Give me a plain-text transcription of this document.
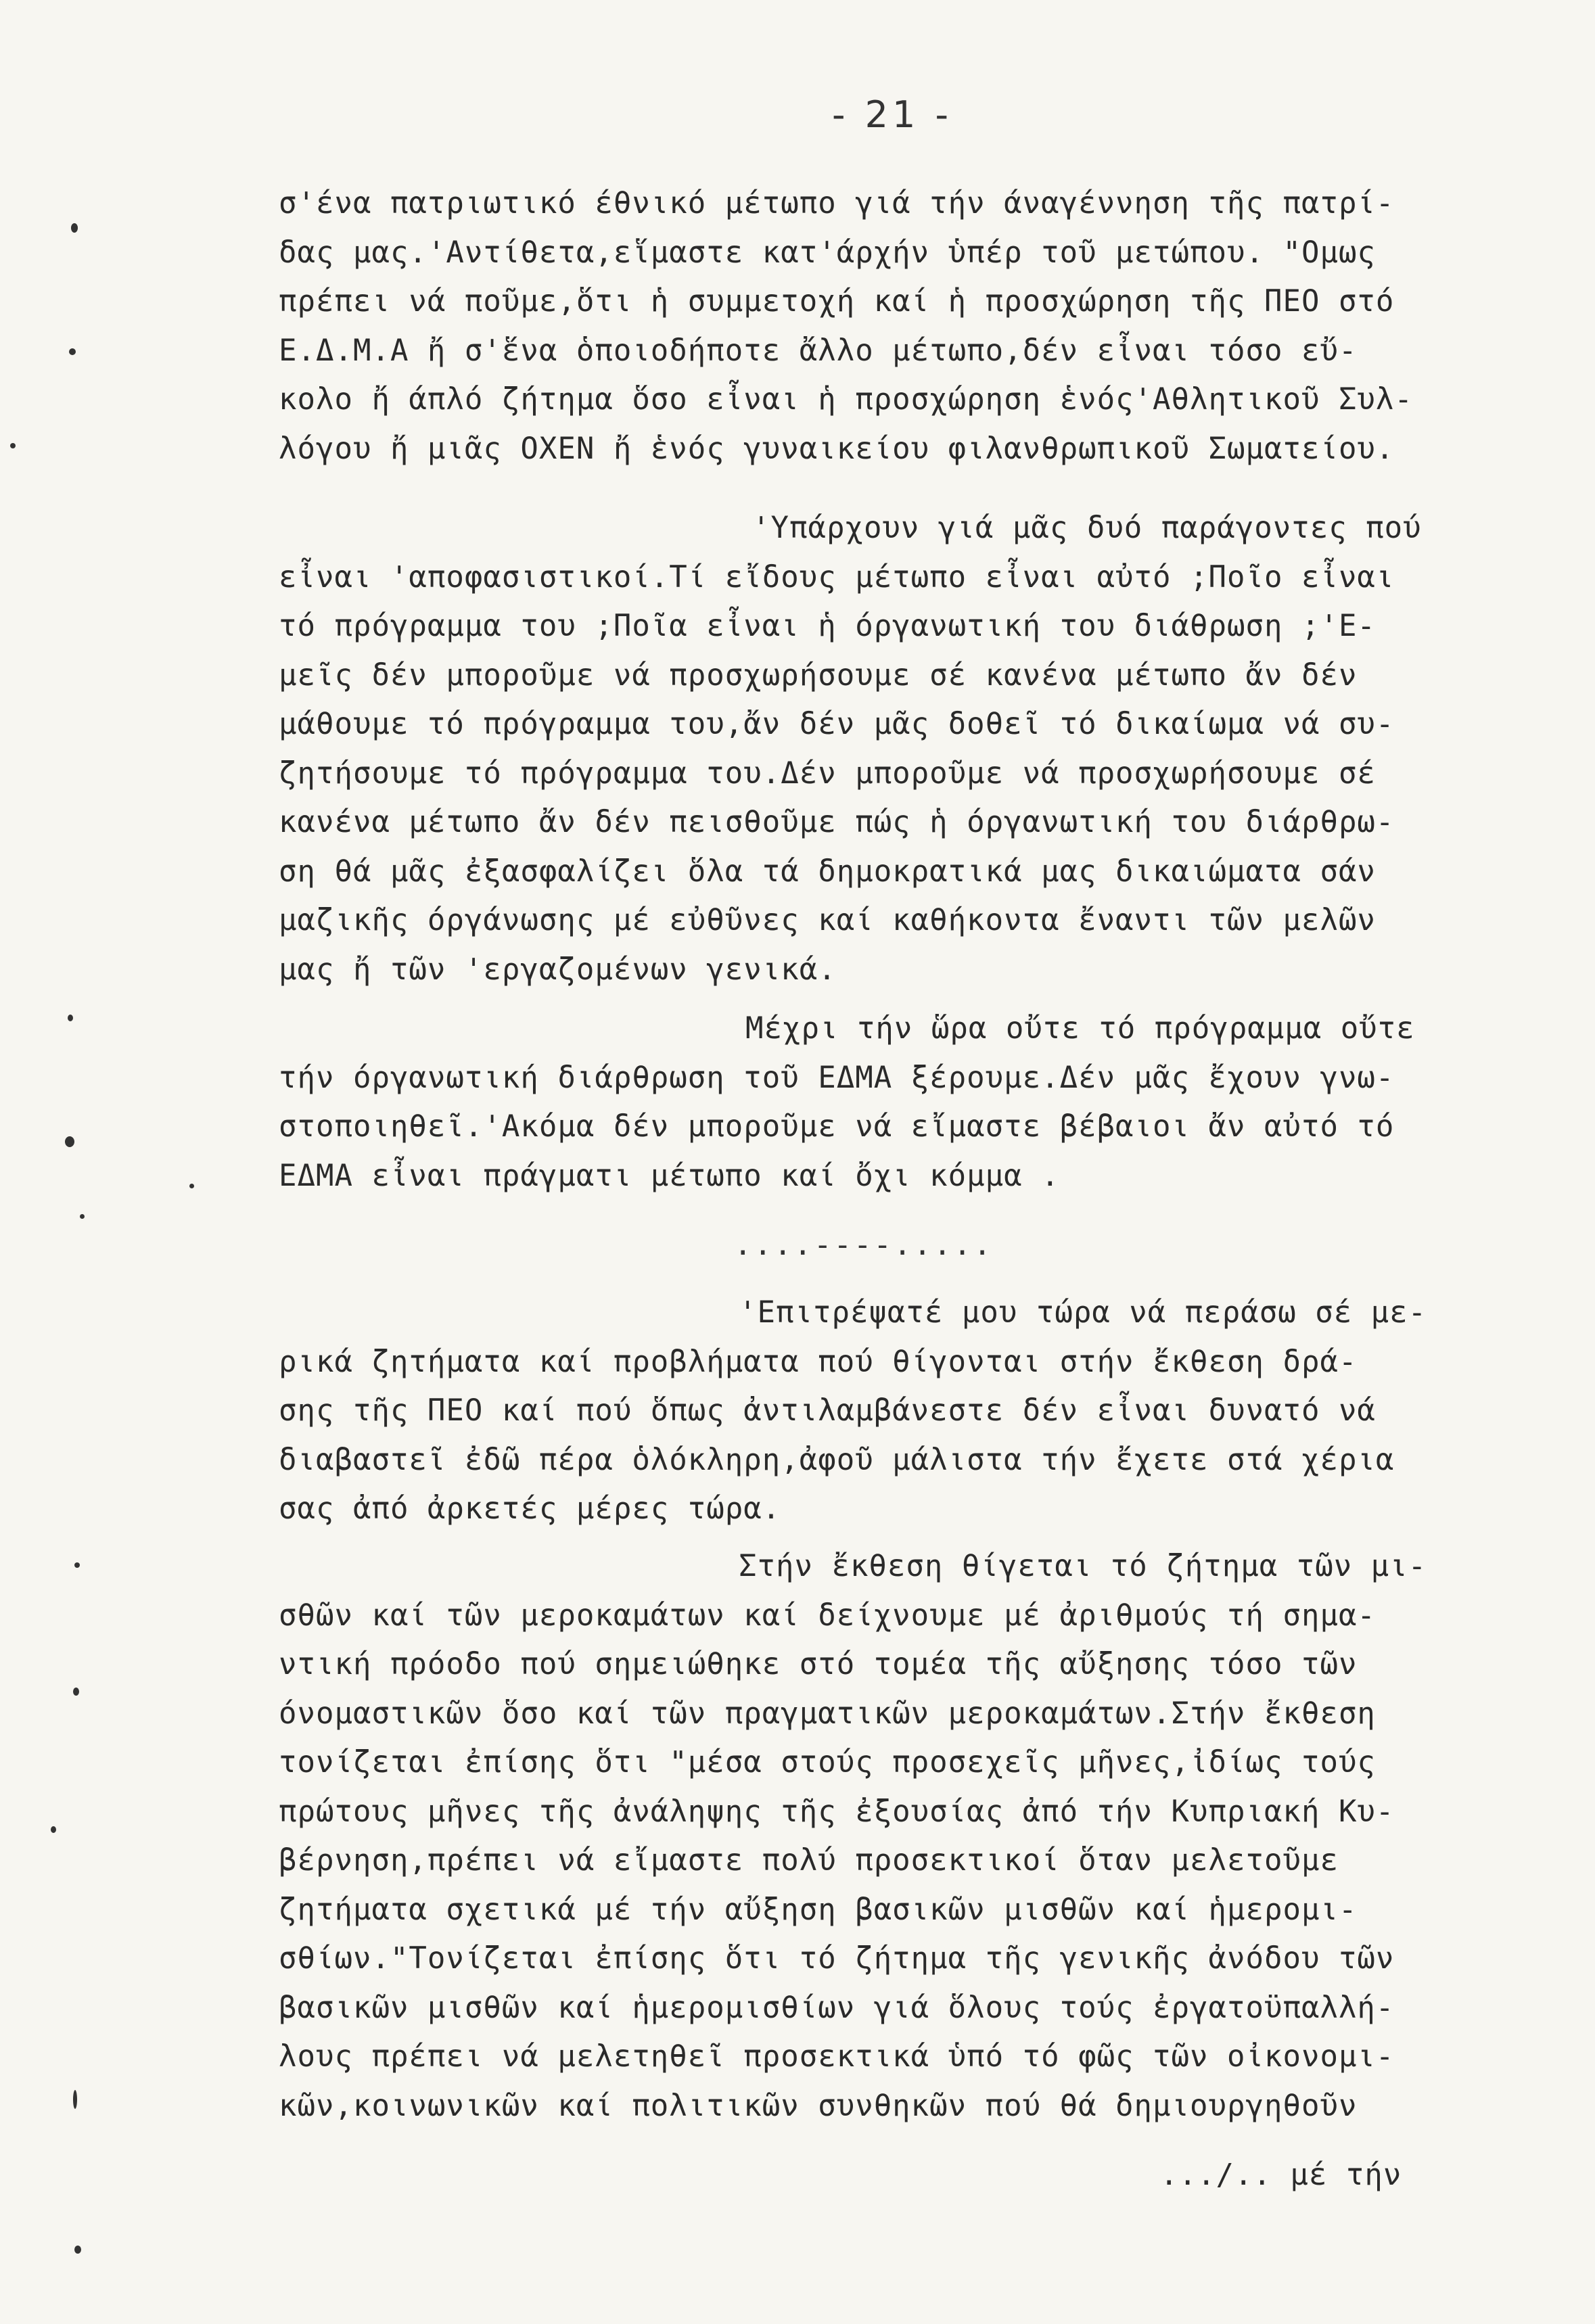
- 21 -
σ'ένα πατριωτικό έθνικό μέτωπο γιά τήν άναγέννηση τῆς πατρί-
δας μας.'Αντίθετα,εἵμαστε κατ'άρχήν ὑπέρ τοῦ μετώπου. "Ομως
πρέπει νά ποῦμε,ὅτι ἡ συμμετοχή καί ἡ προσχώρηση τῆς ΠΕΟ στό
Ε.Δ.Μ.Α ἤ σ'ἕνα ὁποιοδήποτε ἄλλο μέτωπο,δέν εἶναι τόσο εὔ-
κολο ἤ άπλό ζήτημα ὅσο εἶναι ἡ προσχώρηση ἑνός'Αθλητικοῦ Συλ-
λόγου ἤ μιᾶς ΟΧΕΝ ἤ ἑνός γυναικείου φιλανθρωπικοῦ Σωματείου.
'Υπάρχουν γιά μᾶς δυό παράγοντες πού
εἶναι 'αποφασιστικοί.Τί εἴδους μέτωπο εἶναι αὐτό ;Ποῖο εἶναι
τό πρόγραμμα του ;Ποῖα εἶναι ἡ όργανωτική του διάθρωση ;'Ε-
μεῖς δέν μποροῦμε νά προσχωρήσουμε σέ κανένα μέτωπο ἄν δέν
μάθουμε τό πρόγραμμα του,ἄν δέν μᾶς δοθεῖ τό δικαίωμα νά συ-
ζητήσουμε τό πρόγραμμα του.Δέν μποροῦμε νά προσχωρήσουμε σέ
κανένα μέτωπο ἄν δέν πεισθοῦμε πώς ἡ όργανωτική του διάρθρω-
ση θά μᾶς ἐξασφαλίζει ὅλα τά δημοκρατικά μας δικαιώματα σάν
μαζικῆς όργάνωσης μέ εὐθῦνες καί καθήκοντα ἔναντι τῶν μελῶν
μας ἤ τῶν 'εργαζομένων γενικά.
Μέχρι τήν ὥρα οὔτε τό πρόγραμμα οὔτε
τήν όργανωτική διάρθρωση τοῦ ΕΔΜΑ ξέρουμε.Δέν μᾶς ἔχουν γνω-
στοποιηθεῖ.'Ακόμα δέν μποροῦμε νά εἴμαστε βέβαιοι ἄν αὐτό τό
ΕΔΜΑ εἶναι πράγματι μέτωπο καί ὄχι κόμμα .
....----.....
'Επιτρέψατέ μου τώρα νά περάσω σέ με-
ρικά ζητήματα καί προβλήματα πού θίγονται στήν ἔκθεση δρά-
σης τῆς ΠΕΟ καί πού ὅπως ἀντιλαμβάνεστε δέν εἶναι δυνατό νά
διαβαστεῖ ἐδῶ πέρα ὁλόκληρη,ἀφοῦ μάλιστα τήν ἔχετε στά χέρια
σας ἀπό ἀρκετές μέρες τώρα.
Στήν ἔκθεση θίγεται τό ζήτημα τῶν μι-
σθῶν καί τῶν μεροκαμάτων καί δείχνουμε μέ ἀριθμούς τή σημα-
ντική πρόοδο πού σημειώθηκε στό τομέα τῆς αὔξησης τόσο τῶν
όνομαστικῶν ὅσο καί τῶν πραγματικῶν μεροκαμάτων.Στήν ἔκθεση
τονίζεται ἐπίσης ὅτι "μέσα στούς προσεχεῖς μῆνες,ἰδίως τούς
πρώτους μῆνες τῆς ἀνάληψης τῆς ἐξουσίας ἀπό τήν Κυπριακή Κυ-
βέρνηση,πρέπει νά εἴμαστε πολύ προσεκτικοί ὅταν μελετοῦμε
ζητήματα σχετικά μέ τήν αὔξηση βασικῶν μισθῶν καί ἡμερομι-
σθίων."Τονίζεται ἐπίσης ὅτι τό ζήτημα τῆς γενικῆς ἀνόδου τῶν
βασικῶν μισθῶν καί ἡμερομισθίων γιά ὅλους τούς ἐργατοϋπαλλή-
λους πρέπει νά μελετηθεῖ προσεκτικά ὑπό τό φῶς τῶν οἰκονομι-
κῶν,κοινωνικῶν καί πολιτικῶν συνθηκῶν πού θά δημιουργηθοῦν
.../.. μέ τήν
